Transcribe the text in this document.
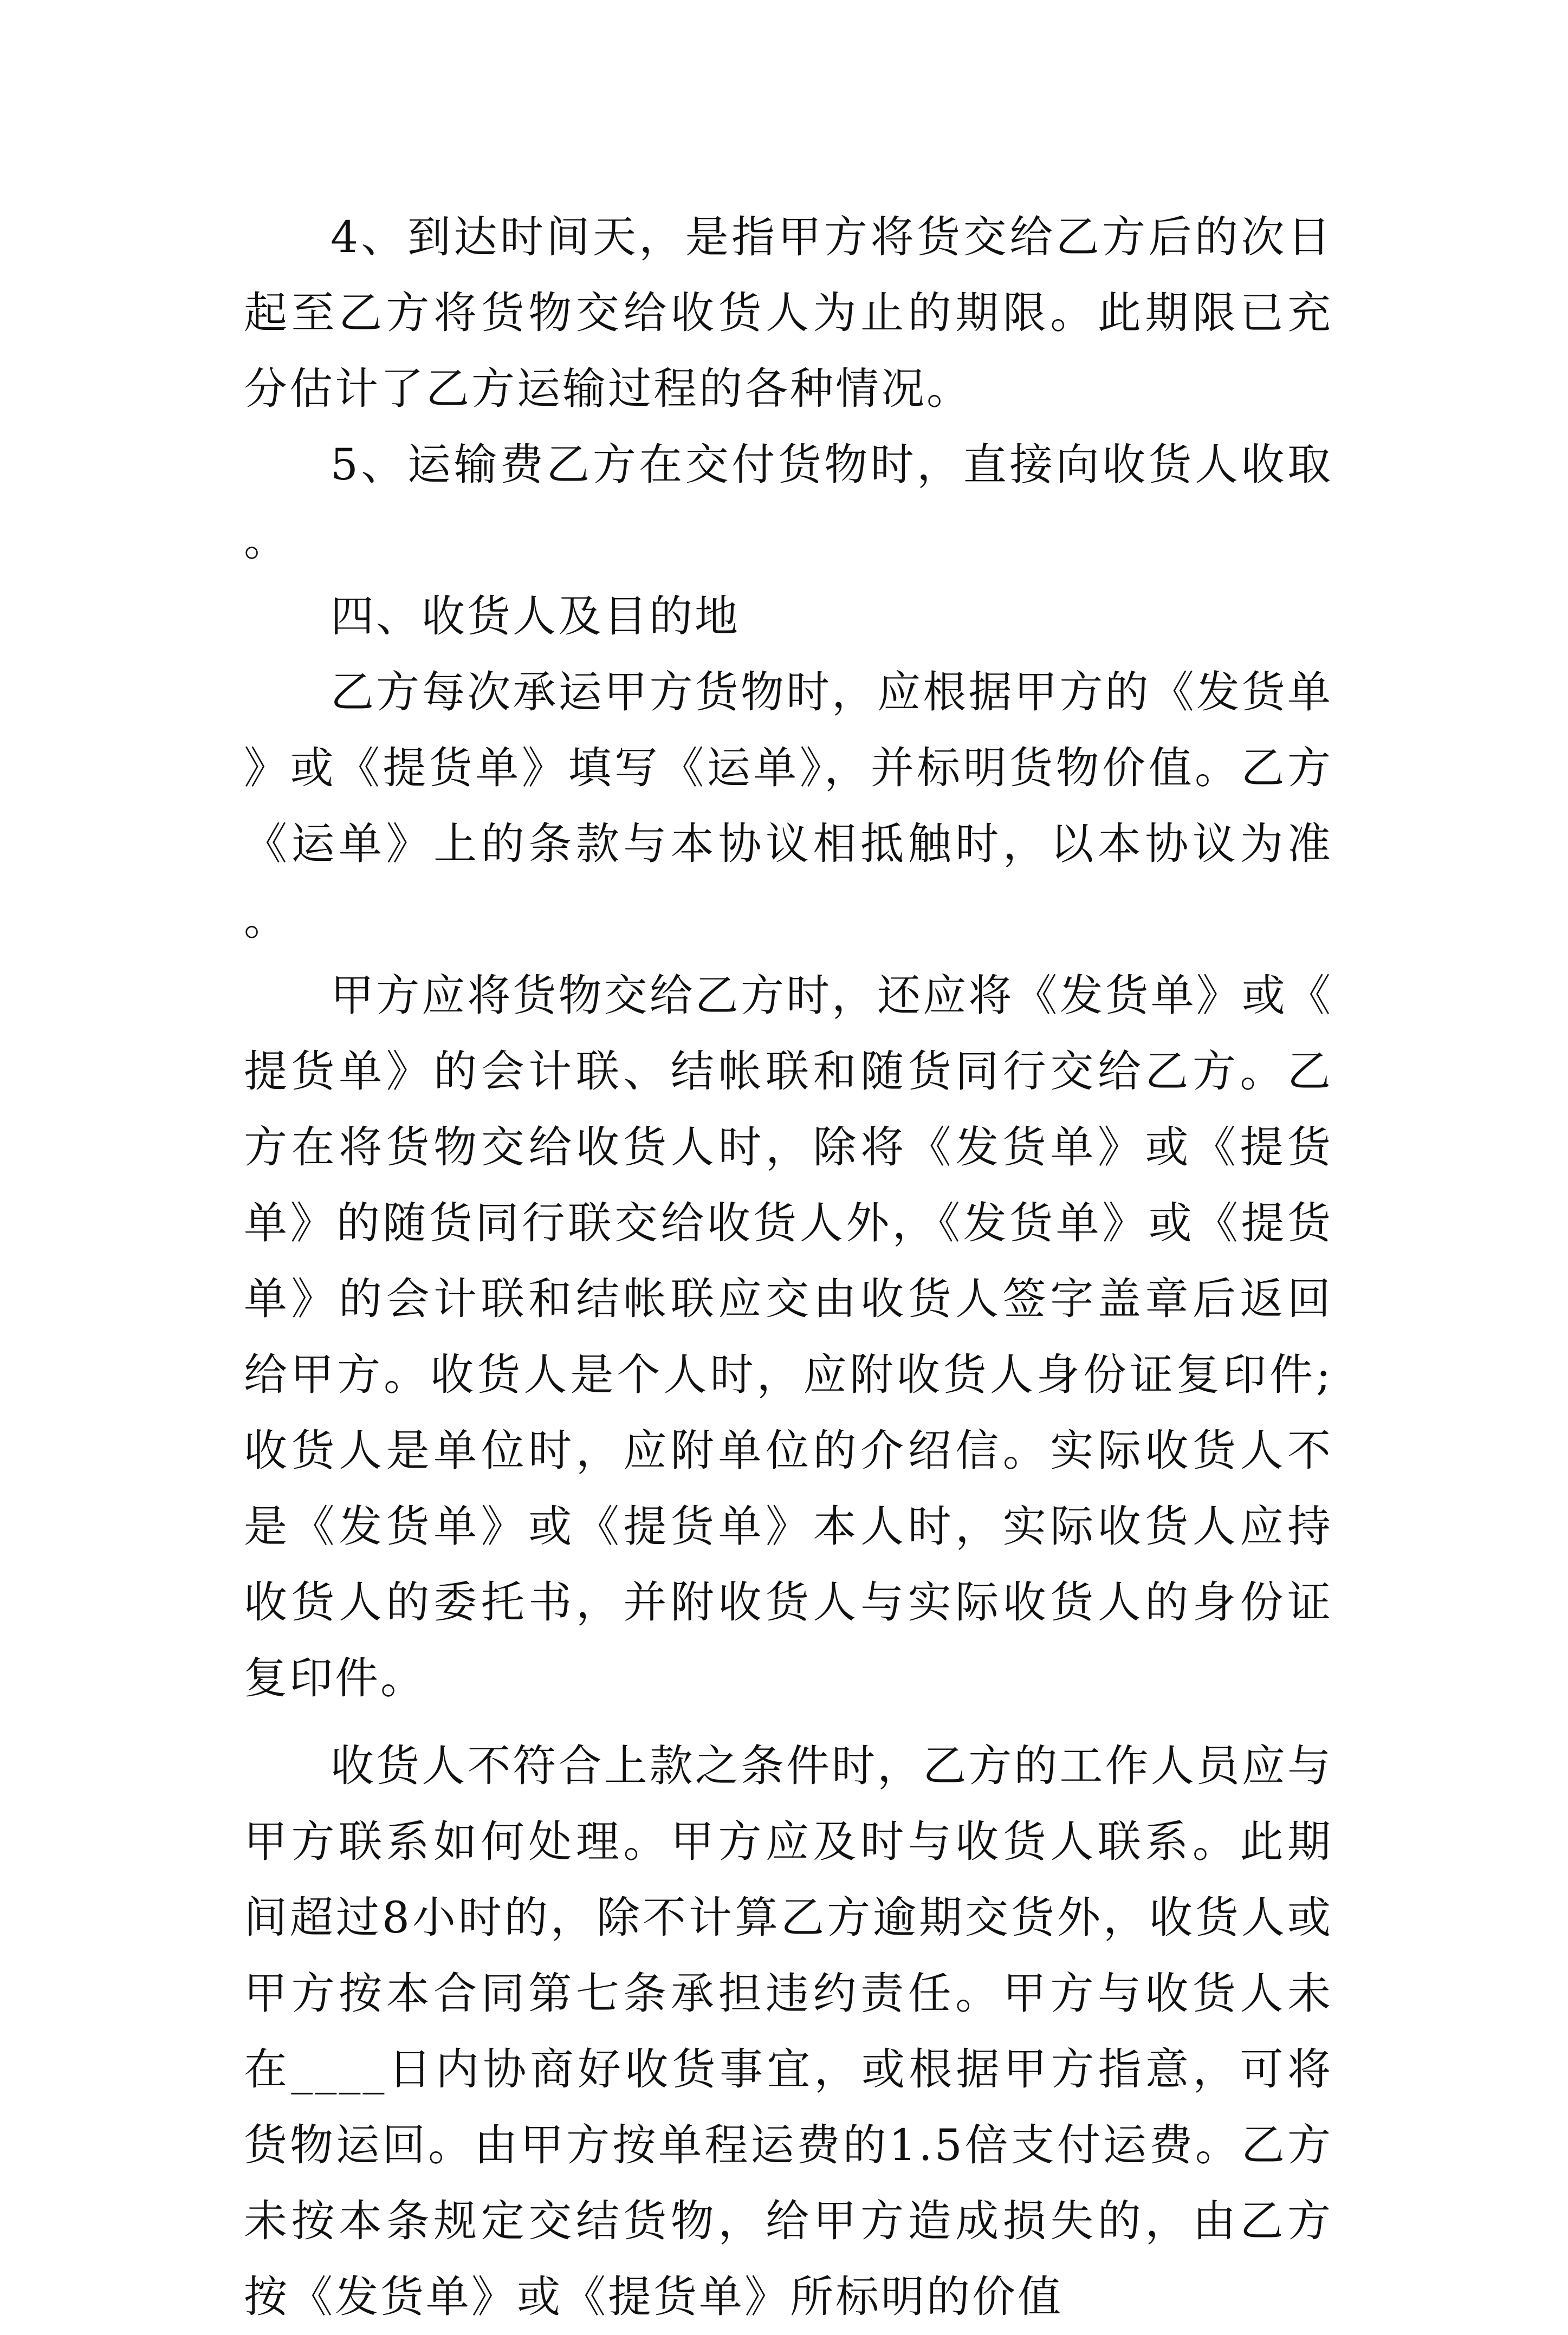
4、到达时间天，是指甲方将货交给乙方后的次日起至乙方将货物交给收货人为止的期限。此期限已充分估计了乙方运输过程的各种情况。

5、运输费乙方在交付货物时，直接向收货人收取。

四、收货人及目的地

乙方每次承运甲方货物时，应根据甲方的《发货单》或《提货单》填写《运单》，并标明货物价值。乙方《运单》上的条款与本协议相抵触时，以本协议为准。

甲方应将货物交给乙方时，还应将《发货单》或《提货单》的会计联、结帐联和随货同行交给乙方。乙方在将货物交给收货人时，除将《发货单》或《提货单》的随货同行联交给收货人外，《发货单》或《提货单》的会计联和结帐联应交由收货人签字盖章后返回给甲方。收货人是个人时，应附收货人身份证复印件;收货人是单位时，应附单位的介绍信。实际收货人不是《发货单》或《提货单》本人时，实际收货人应持收货人的委托书，并附收货人与实际收货人的身份证复印件。

收货人不符合上款之条件时，乙方的工作人员应与甲方联系如何处理。甲方应及时与收货人联系。此期间超过8小时的，除不计算乙方逾期交货外，收货人或甲方按本合同第七条承担违约责任。甲方与收货人未在____日内协商好收货事宜，或根据甲方指意，可将货物运回。由甲方按单程运费的1.5倍支付运费。乙方未按本条规定交结货物，给甲方造成损失的，由乙方按《发货单》或《提货单》所标明的价值
